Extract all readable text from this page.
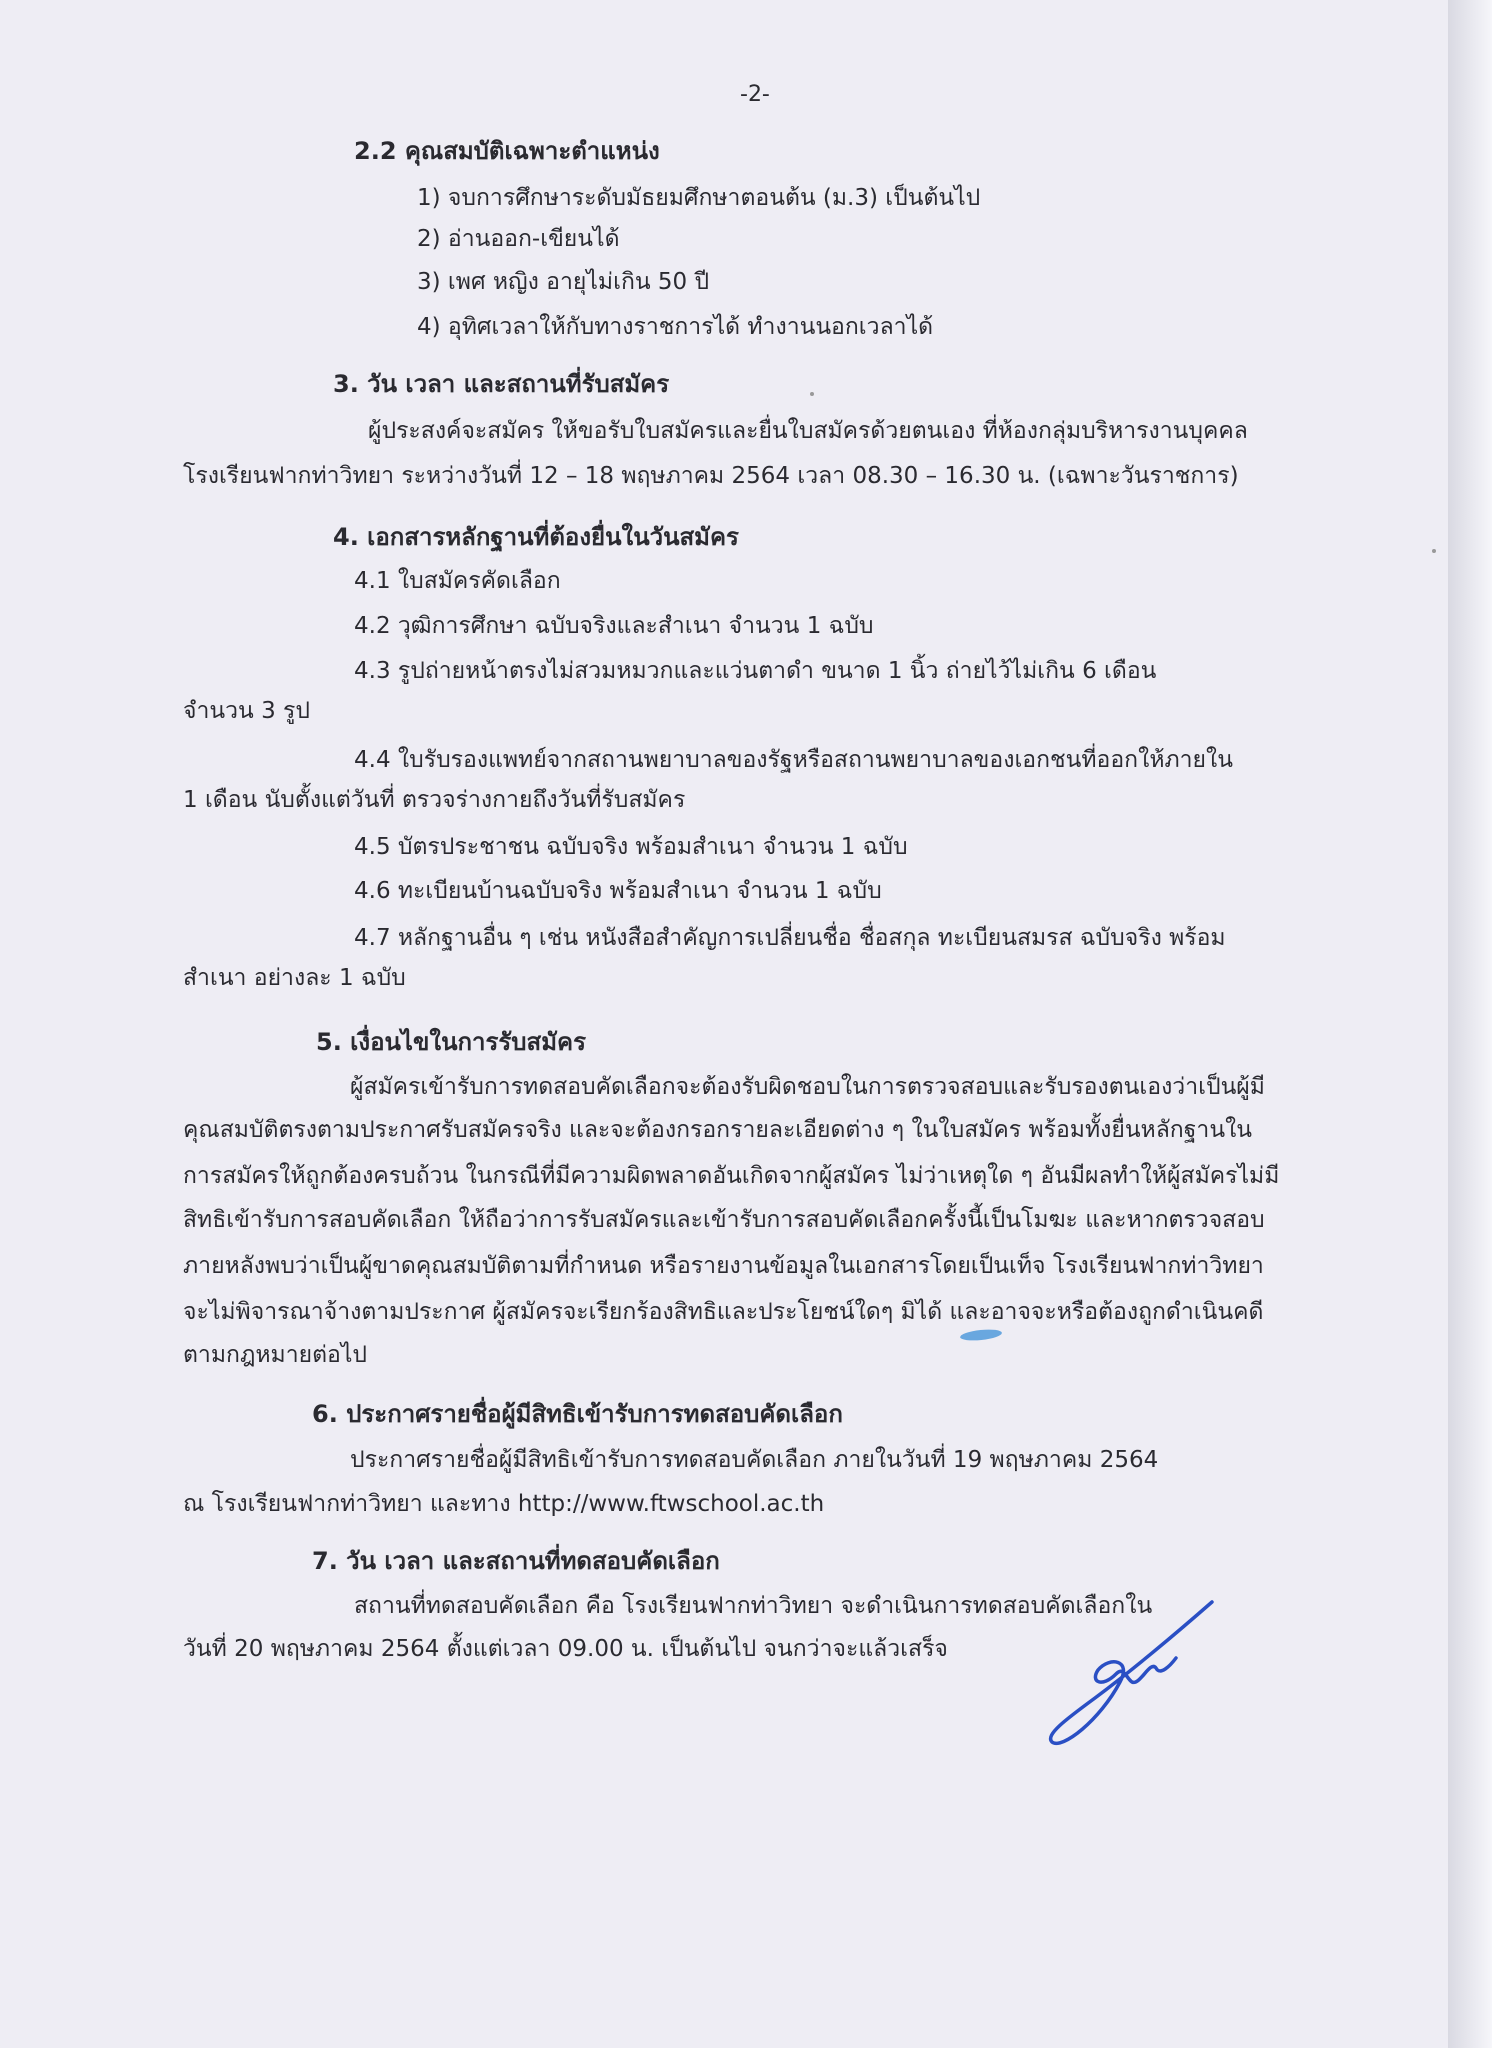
-2-
2.2 คุณสมบัติเฉพาะตำแหน่ง
1) จบการศึกษาระดับมัธยมศึกษาตอนต้น (ม.3) เป็นต้นไป
2) อ่านออก-เขียนได้
3) เพศ หญิง อายุไม่เกิน 50 ปี
4) อุทิศเวลาให้กับทางราชการได้ ทำงานนอกเวลาได้
3. วัน เวลา และสถานที่รับสมัคร
ผู้ประสงค์จะสมัคร ให้ขอรับใบสมัครและยื่นใบสมัครด้วยตนเอง ที่ห้องกลุ่มบริหารงานบุคคล
โรงเรียนฟากท่าวิทยา ระหว่างวันที่ 12 – 18 พฤษภาคม 2564 เวลา 08.30 – 16.30 น. (เฉพาะวันราชการ)
4. เอกสารหลักฐานที่ต้องยื่นในวันสมัคร
4.1 ใบสมัครคัดเลือก
4.2 วุฒิการศึกษา ฉบับจริงและสำเนา จำนวน 1 ฉบับ
4.3 รูปถ่ายหน้าตรงไม่สวมหมวกและแว่นตาดำ ขนาด 1 นิ้ว ถ่ายไว้ไม่เกิน 6 เดือน
จำนวน 3 รูป
4.4 ใบรับรองแพทย์จากสถานพยาบาลของรัฐหรือสถานพยาบาลของเอกชนที่ออกให้ภายใน
1 เดือน นับตั้งแต่วันที่ ตรวจร่างกายถึงวันที่รับสมัคร
4.5 บัตรประชาชน ฉบับจริง พร้อมสำเนา จำนวน 1 ฉบับ
4.6 ทะเบียนบ้านฉบับจริง พร้อมสำเนา จำนวน 1 ฉบับ
4.7 หลักฐานอื่น ๆ เช่น หนังสือสำคัญการเปลี่ยนชื่อ ชื่อสกุล ทะเบียนสมรส ฉบับจริง พร้อม
สำเนา อย่างละ 1 ฉบับ
5. เงื่อนไขในการรับสมัคร
ผู้สมัครเข้ารับการทดสอบคัดเลือกจะต้องรับผิดชอบในการตรวจสอบและรับรองตนเองว่าเป็นผู้มี
คุณสมบัติตรงตามประกาศรับสมัครจริง และจะต้องกรอกรายละเอียดต่าง ๆ ในใบสมัคร พร้อมทั้งยื่นหลักฐานใน
การสมัครให้ถูกต้องครบถ้วน ในกรณีที่มีความผิดพลาดอันเกิดจากผู้สมัคร ไม่ว่าเหตุใด ๆ อันมีผลทำให้ผู้สมัครไม่มี
สิทธิเข้ารับการสอบคัดเลือก ให้ถือว่าการรับสมัครและเข้ารับการสอบคัดเลือกครั้งนี้เป็นโมฆะ และหากตรวจสอบ
ภายหลังพบว่าเป็นผู้ขาดคุณสมบัติตามที่กำหนด หรือรายงานข้อมูลในเอกสารโดยเป็นเท็จ โรงเรียนฟากท่าวิทยา
จะไม่พิจารณาจ้างตามประกาศ ผู้สมัครจะเรียกร้องสิทธิและประโยชน์ใดๆ มิได้ และอาจจะหรือต้องถูกดำเนินคดี
ตามกฎหมายต่อไป
6. ประกาศรายชื่อผู้มีสิทธิเข้ารับการทดสอบคัดเลือก
ประกาศรายชื่อผู้มีสิทธิเข้ารับการทดสอบคัดเลือก ภายในวันที่ 19 พฤษภาคม 2564
ณ โรงเรียนฟากท่าวิทยา และทาง http://www.ftwschool.ac.th
7. วัน เวลา และสถานที่ทดสอบคัดเลือก
สถานที่ทดสอบคัดเลือก คือ โรงเรียนฟากท่าวิทยา จะดำเนินการทดสอบคัดเลือกใน
วันที่ 20 พฤษภาคม 2564 ตั้งแต่เวลา 09.00 น. เป็นต้นไป จนกว่าจะแล้วเสร็จ
